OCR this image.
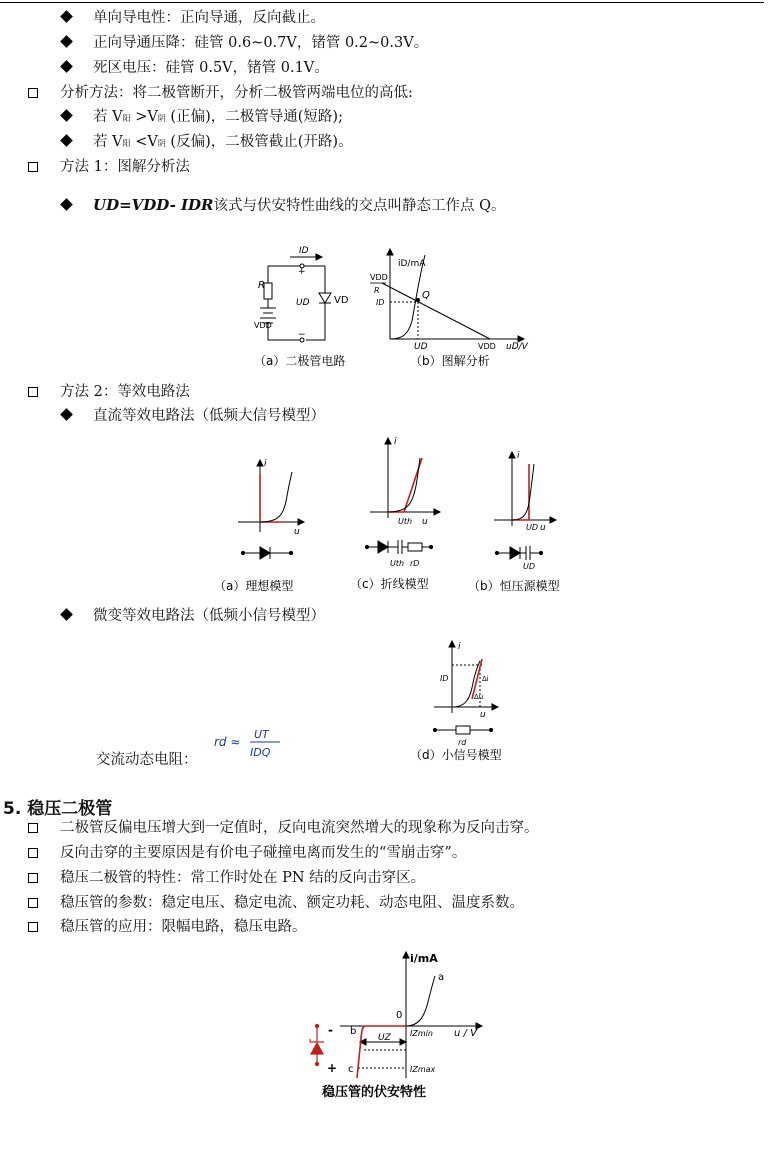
单向导电性：正向导通，反向截止。
正向导通压降：硅管 0.6~0.7V，锗管 0.2~0.3V。
死区电压：硅管 0.5V，锗管 0.1V。
分析方法：将二极管断开，分析二极管两端电位的高低:
若 V阳 >V阴 (正偏)，二极管导通(短路);
若 V阳 <V阴 (反偏)，二极管截止(开路)。
方法 1：图解分析法
UD=VDD- IDR该式与伏安特性曲线的交点叫静态工作点 Q。
ID
R
VDD
+
UD
−
VD
iD/mA
VDD
R
ID
Q
UD	VDD uD/V
（a）二极管电路	（b）图解分析
方法 2：等效电路法
直流等效电路法（低频大信号模型）
i
u
i
Uth u
Uth rD
i
UD u
UD
（a）理想模型	（c）折线模型	（b）恒压源模型
微变等效电路法（低频小信号模型）
i
ID	Δi
Δu
u
rd
（d）小信号模型
交流动态电阻：
rd ≈
UT
IDQ
5. 稳压二极管
二极管反偏电压增大到一定值时，反向电流突然增大的现象称为反向击穿。
反向击穿的主要原因是有价电子碰撞电离而发生的“雪崩击穿”。
稳压二极管的特性：常工作时处在 PN 结的反向击穿区。
稳压管的参数：稳定电压、稳定电流、额定功耗、动态电阻、温度系数。
稳压管的应用：限幅电路，稳压电路。
i/mA
a
0
b
c
IZmin
IZmax
UZ	u / V
-
+
稳压管的伏安特性
